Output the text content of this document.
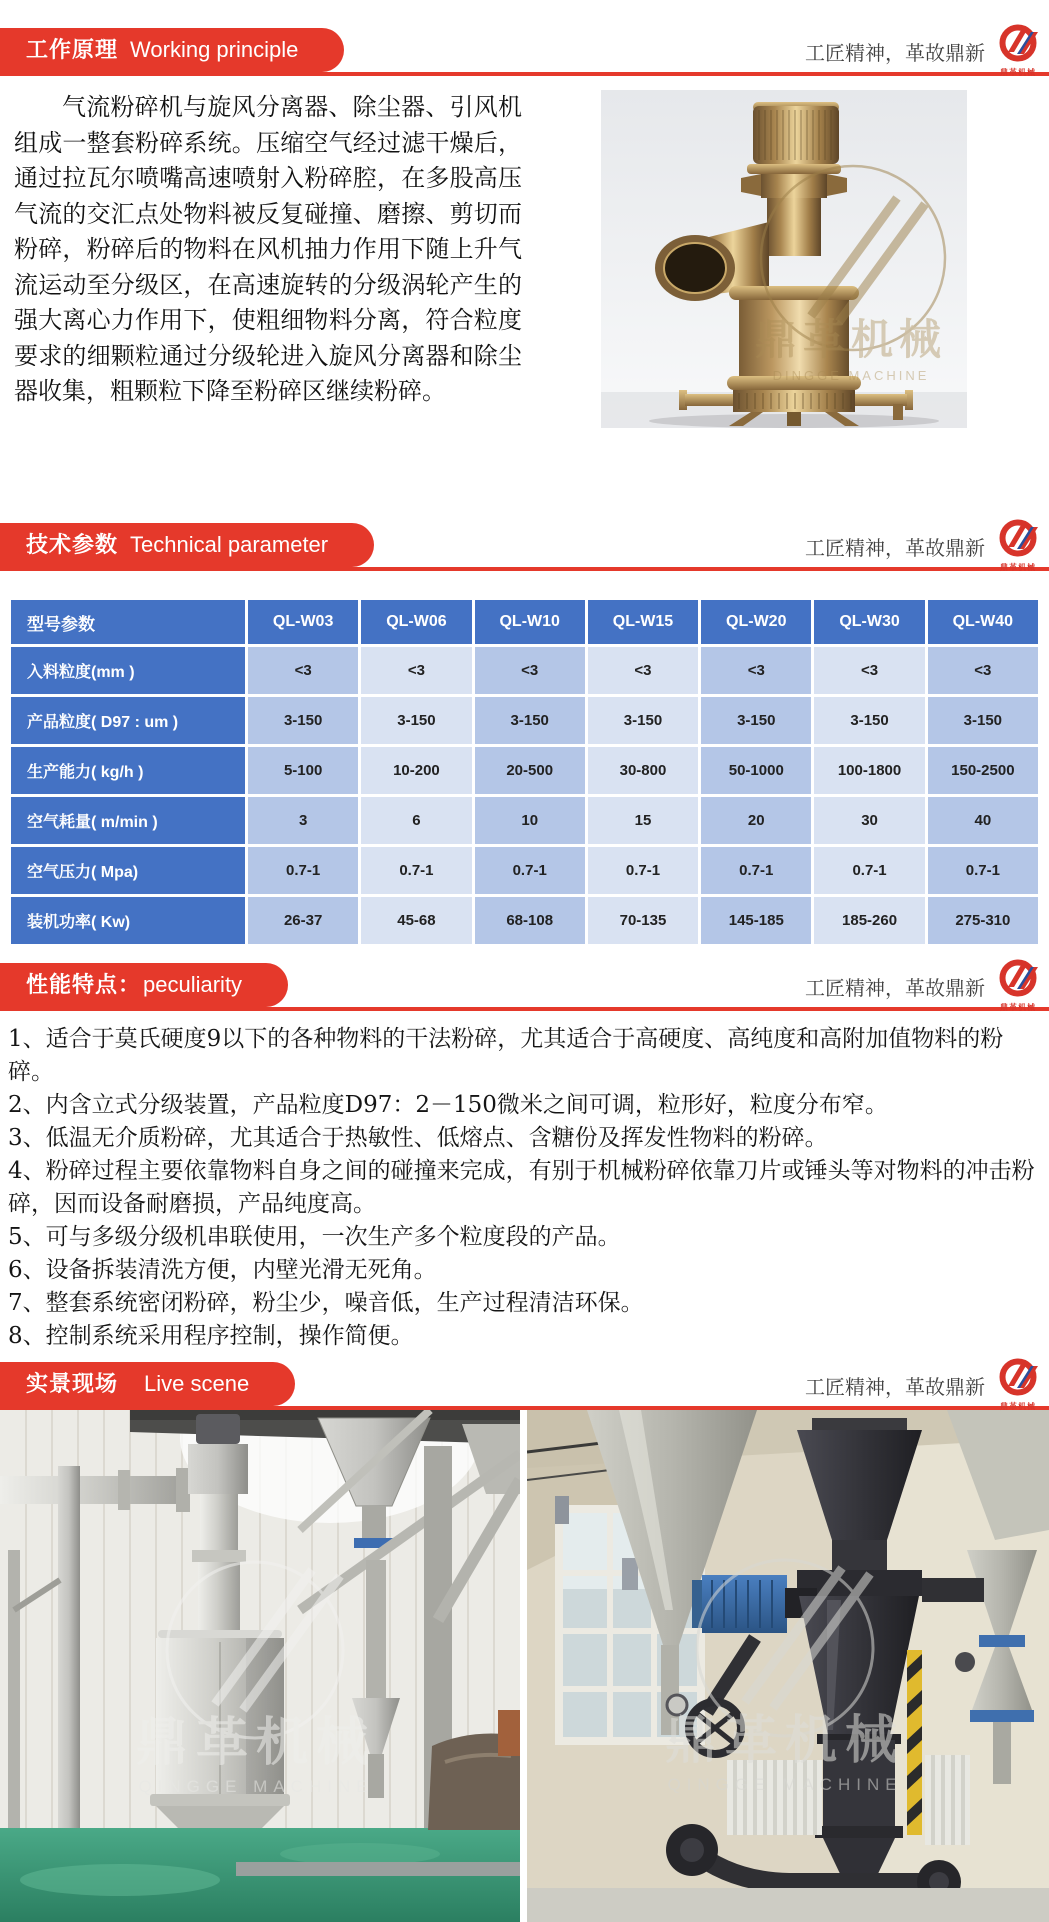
工作原理 Working principle	工匠精神，革故鼎新
鼎革机械

气流粉碎机与旋风分离器、除尘器、引风机组成一整套粉碎系统。压缩空气经过滤干燥后，通过拉瓦尔喷嘴高速喷射入粉碎腔，在多股高压气流的交汇点处物料被反复碰撞、磨擦、剪切而粉碎，粉碎后的物料在风机抽力作用下随上升气流运动至分级区，在高速旋转的分级涡轮产生的强大离心力作用下，使粗细物料分离，符合粒度要求的细颗粒通过分级轮进入旋风分离器和除尘器收集，粗颗粒下降至粉碎区继续粉碎。

鼎革机械
DINGGE MACHINE
技术参数 Technical parameter	工匠精神，革故鼎新
鼎革机械
型号参数	QL-W03	QL-W06	QL-W10	QL-W15	QL-W20	QL-W30	QL-W40
入料粒度(mm )	<3	<3	<3	<3	<3	<3	<3
产品粒度( D97 : um )	3-150	3-150	3-150	3-150	3-150	3-150	3-150
生产能力( kg/h )	5-100	10-200	20-500	30-800	50-1000	100-1800	150-2500
空气耗量( m/min )	3	6	10	15	20	30	40
空气压力( Mpa)	0.7-1	0.7-1	0.7-1	0.7-1	0.7-1	0.7-1	0.7-1
装机功率( Kw)	26-37	45-68	68-108	70-135	145-185	185-260	275-310
性能特点：peculiarity	工匠精神，革故鼎新
鼎革机械

1、适合于莫氏硬度9以下的各种物料的干法粉碎，尤其适合于高硬度、高纯度和高附加值物料的粉碎。

2、内含立式分级装置，产品粒度D97：2－150微米之间可调，粒形好，粒度分布窄。

3、低温无介质粉碎，尤其适合于热敏性、低熔点、含糖份及挥发性物料的粉碎。

4、粉碎过程主要依靠物料自身之间的碰撞来完成，有别于机械粉碎依靠刀片或锤头等对物料的冲击粉碎，因而设备耐磨损，产品纯度高。

5、可与多级分级机串联使用，一次生产多个粒度段的产品。

6、设备拆装清洗方便，内壁光滑无死角。

7、整套系统密闭粉碎，粉尘少，噪音低，生产过程清洁环保。

8、控制系统采用程序控制，操作简便。

实景现场 Live scene	工匠精神，革故鼎新
鼎革机械
鼎革机械
QINGGE MACHINE
鼎革机械
QINGGE MACHINE
